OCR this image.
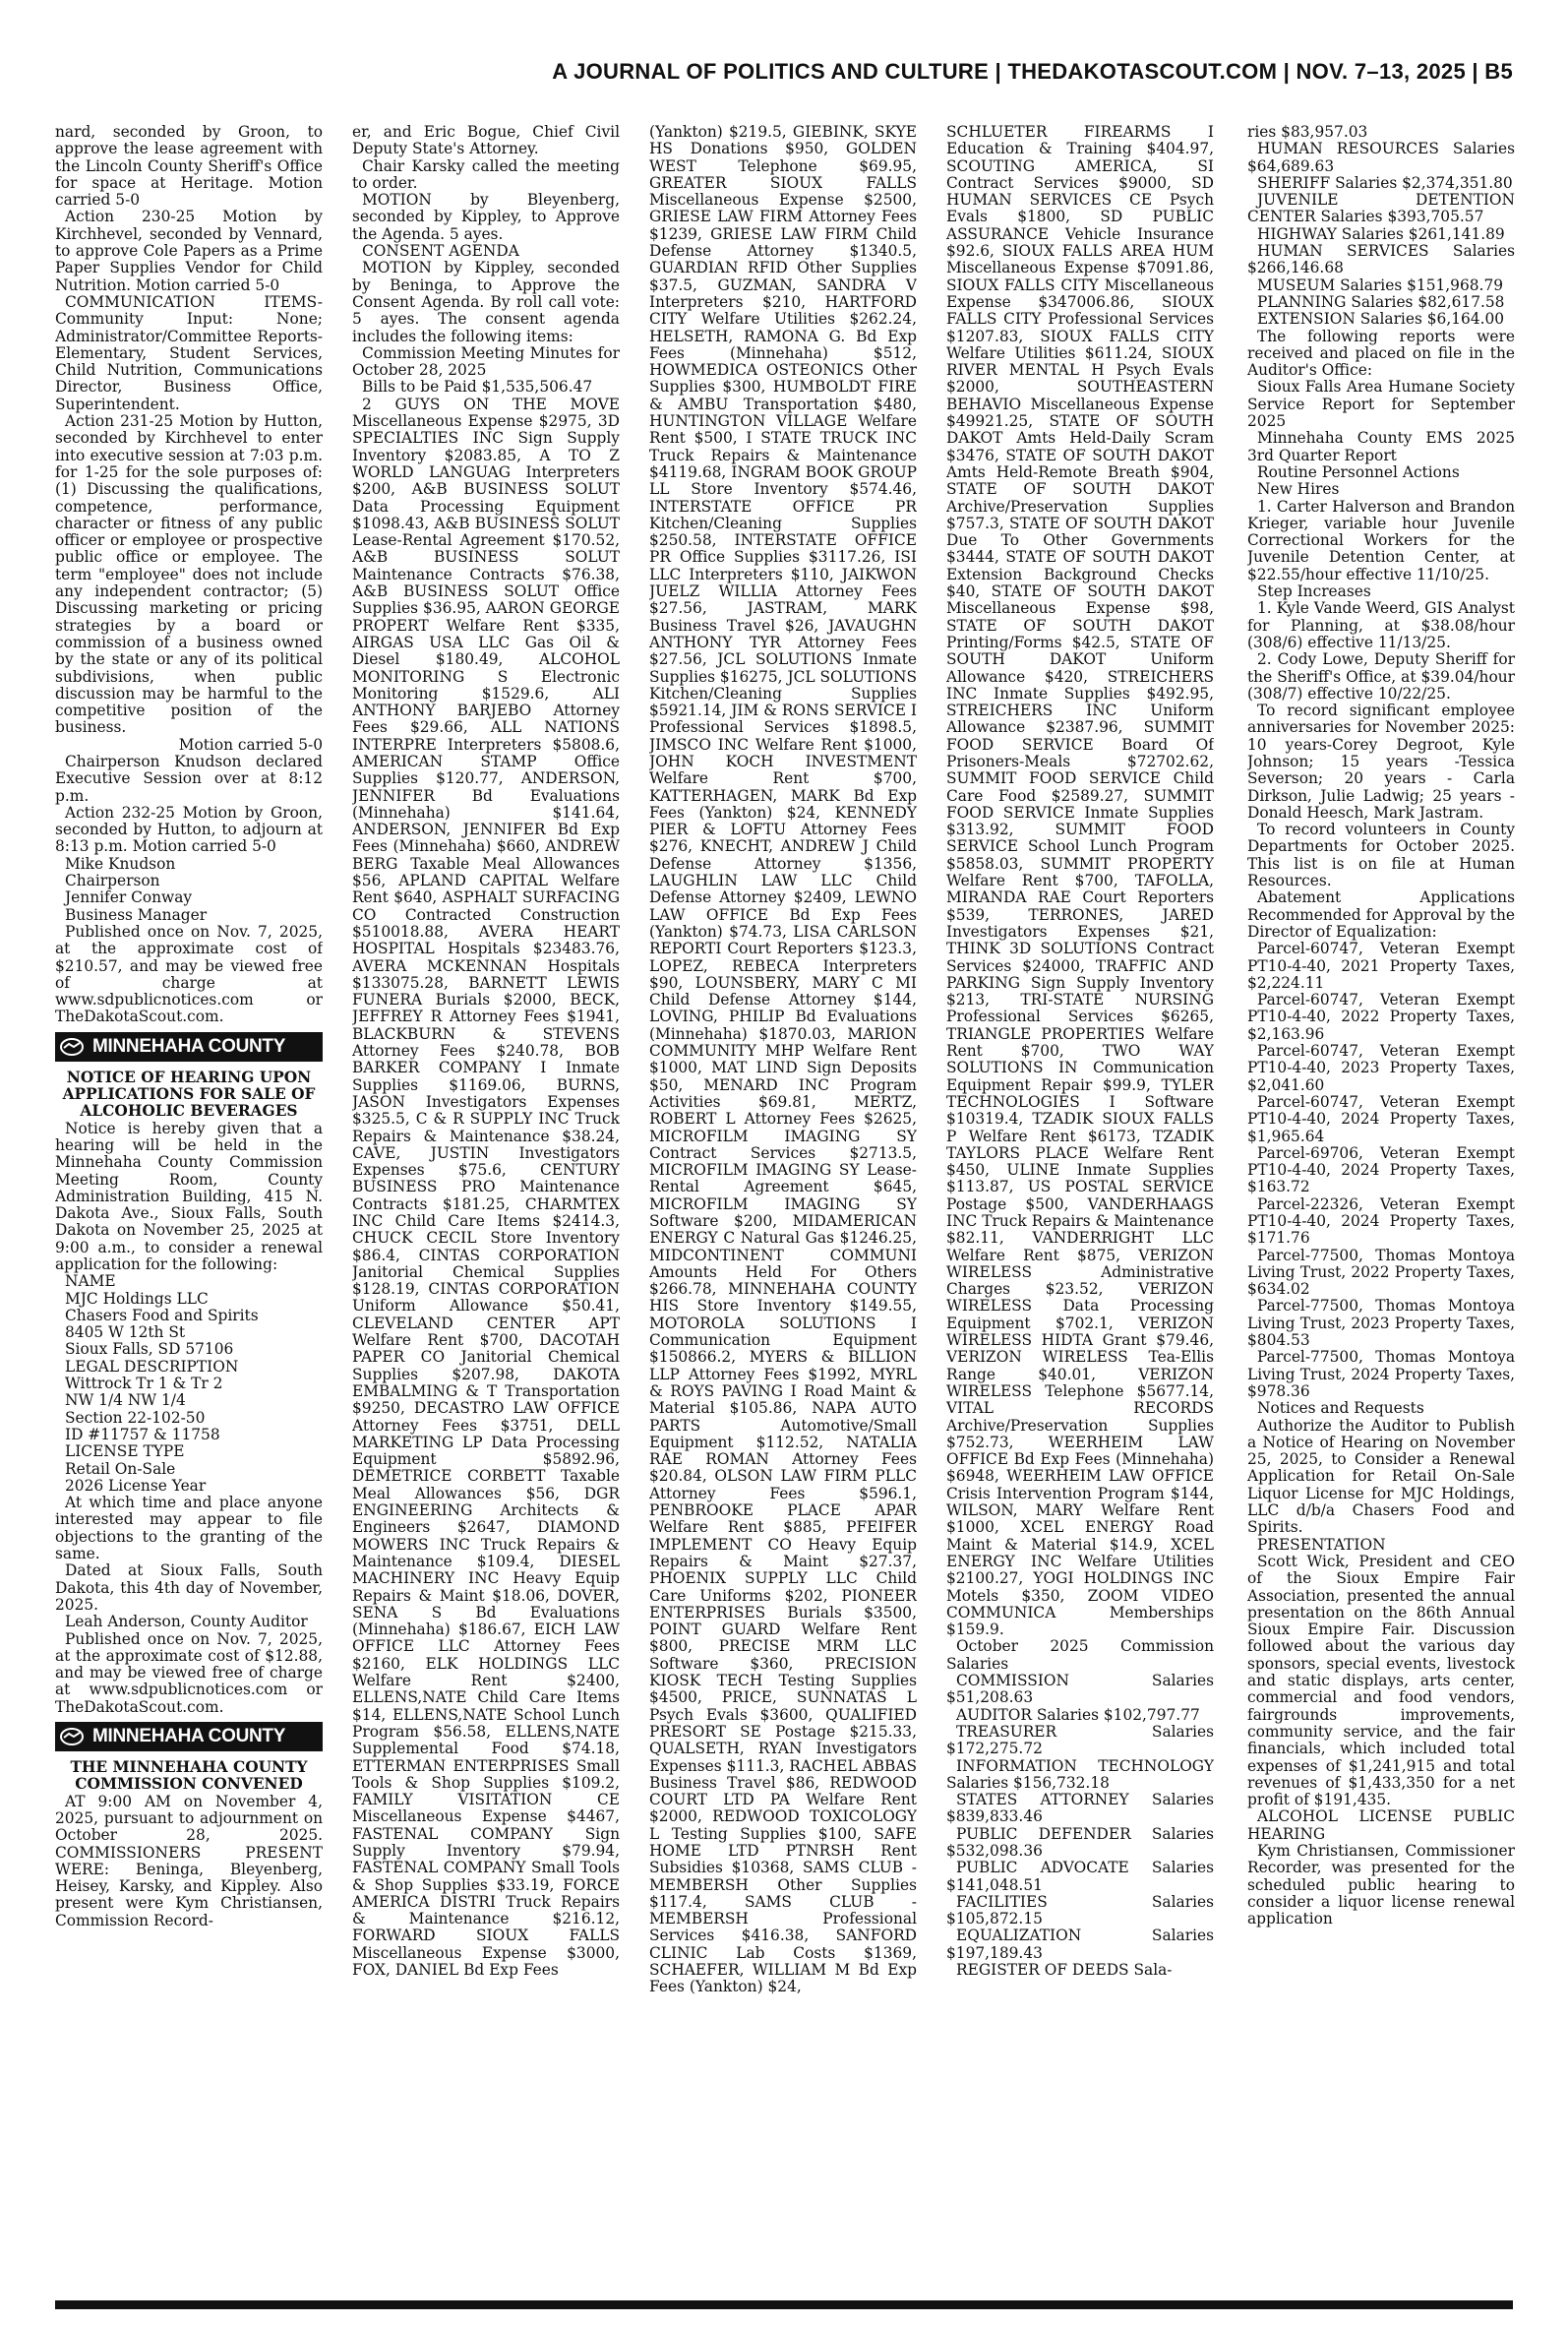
A JOURNAL OF POLITICS AND CULTURE | THEDAKOTASCOUT.COM | NOV. 7–13, 2025 | B5

nard, seconded by Groon, to approve the lease agreement with the Lincoln County Sheriff's Office for space at Heritage. Motion carried 5-0

Action 230-25 Motion by Kirchhevel, seconded by Vennard, to approve Cole Papers as a Prime Paper Supplies Vendor for Child Nutrition. Motion carried 5-0

COMMUNICATION ITEMS- Community Input: None; Administrator/Committee Reports- Elementary, Student Services, Child Nutrition, Communications Director, Business Office, Superintendent.

Action 231-25 Motion by Hutton, seconded by Kirchhevel to enter into executive session at 7:03 p.m. for 1-25 for the sole purposes of: (1) Discussing the qualifications, competence, performance, character or fitness of any public officer or employee or prospective public office or employee. The term "employee" does not include any independent contractor; (5) Discussing marketing or pricing strategies by a board or commission of a business owned by the state or any of its political subdivisions, when public discussion may be harmful to the competitive position of the business.

Motion carried 5-0

Chairperson Knudson declared Executive Session over at 8:12 p.m.

Action 232-25 Motion by Groon, seconded by Hutton, to adjourn at 8:13 p.m. Motion carried 5-0

Mike Knudson

Chairperson

Jennifer Conway

Business Manager

Published once on Nov. 7, 2025, at the approximate cost of $210.57, and may be viewed free of charge at www.sdpublicnotices.com or TheDakotaScout.com.

MINNEHAHA COUNTY

NOTICE OF HEARING UPON APPLICATIONS FOR SALE OF ALCOHOLIC BEVERAGES

Notice is hereby given that a hearing will be held in the Minnehaha County Commission Meeting Room, County Administration Building, 415 N. Dakota Ave., Sioux Falls, South Dakota on November 25, 2025 at 9:00 a.m., to consider a renewal application for the following:

NAME

MJC Holdings LLC

Chasers Food and Spirits

8405 W 12th St

Sioux Falls, SD 57106

LEGAL DESCRIPTION

Wittrock Tr 1 & Tr 2

NW 1/4 NW 1/4

Section 22-102-50

ID #11757 & 11758

LICENSE TYPE

Retail On-Sale

2026 License Year

At which time and place anyone interested may appear to file objections to the granting of the same.

Dated at Sioux Falls, South Dakota, this 4th day of November, 2025.

Leah Anderson, County Auditor

Published once on Nov. 7, 2025, at the approximate cost of $12.88, and may be viewed free of charge at www.sdpublicnotices.com or TheDakotaScout.com.

MINNEHAHA COUNTY

THE MINNEHAHA COUNTY COMMISSION CONVENED

AT 9:00 AM on November 4, 2025, pursuant to adjournment on October 28, 2025. COMMISSIONERS PRESENT WERE: Beninga, Bleyenberg, Heisey, Karsky, and Kippley. Also present were Kym Christiansen, Commission Record-

er, and Eric Bogue, Chief Civil Deputy State's Attorney.

Chair Karsky called the meeting to order.

MOTION by Bleyenberg, seconded by Kippley, to Approve the Agenda. 5 ayes.

CONSENT AGENDA

MOTION by Kippley, seconded by Beninga, to Approve the Consent Agenda. By roll call vote: 5 ayes. The consent agenda includes the following items:

Commission Meeting Minutes for October 28, 2025

Bills to be Paid $1,535,506.47

2 GUYS ON THE MOVE Miscellaneous Expense $2975, 3D SPECIALTIES INC Sign Supply Inventory $2083.85, A TO Z WORLD LANGUAG Interpreters $200, A&B BUSINESS SOLUT Data Processing Equipment $1098.43, A&B BUSINESS SOLUT Lease-Rental Agreement $170.52, A&B BUSINESS SOLUT Maintenance Contracts $76.38, A&B BUSINESS SOLUT Office Supplies $36.95, AARON GEORGE PROPERT Welfare Rent $335, AIRGAS USA LLC Gas Oil & Diesel $180.49, ALCOHOL MONITORING S Electronic Monitoring $1529.6, ALI ANTHONY BARJEBO Attorney Fees $29.66, ALL NATIONS INTERPRE Interpreters $5808.6, AMERICAN STAMP Office Supplies $120.77, ANDERSON, JENNIFER Bd Evaluations (Minnehaha) $141.64, ANDERSON, JENNIFER Bd Exp Fees (Minnehaha) $660, ANDREW BERG Taxable Meal Allowances $56, APLAND CAPITAL Welfare Rent $640, ASPHALT SURFACING CO Contracted Construction $510018.88, AVERA HEART HOSPITAL Hospitals $23483.76, AVERA MCKENNAN Hospitals $133075.28, BARNETT LEWIS FUNERA Burials $2000, BECK, JEFFREY R Attorney Fees $1941, BLACKBURN & STEVENS Attorney Fees $240.78, BOB BARKER COMPANY I Inmate Supplies $1169.06, BURNS, JASON Investigators Expenses $325.5, C & R SUPPLY INC Truck Repairs & Maintenance $38.24, CAVE, JUSTIN Investigators Expenses $75.6, CENTURY BUSINESS PRO Maintenance Contracts $181.25, CHARMTEX INC Child Care Items $2414.3, CHUCK CECIL Store Inventory $86.4, CINTAS CORPORATION Janitorial Chemical Supplies $128.19, CINTAS CORPORATION Uniform Allowance $50.41, CLEVELAND CENTER APT Welfare Rent $700, DACOTAH PAPER CO Janitorial Chemical Supplies $207.98, DAKOTA EMBALMING & T Transportation $9250, DECASTRO LAW OFFICE Attorney Fees $3751, DELL MARKETING LP Data Processing Equipment $5892.96, DEMETRICE CORBETT Taxable Meal Allowances $56, DGR ENGINEERING Architects & Engineers $2647, DIAMOND MOWERS INC Truck Repairs & Maintenance $109.4, DIESEL MACHINERY INC Heavy Equip Repairs & Maint $18.06, DOVER, SENA S Bd Evaluations (Minnehaha) $186.67, EICH LAW OFFICE LLC Attorney Fees $2160, ELK HOLDINGS LLC Welfare Rent $2400, ELLENS,NATE Child Care Items $14, ELLENS,NATE School Lunch Program $56.58, ELLENS,NATE Supplemental Food $74.18, ETTERMAN ENTERPRISES Small Tools & Shop Supplies $109.2, FAMILY VISITATION CE Miscellaneous Expense $4467, FASTENAL COMPANY Sign Supply Inventory $79.94, FASTENAL COMPANY Small Tools & Shop Supplies $33.19, FORCE AMERICA DISTRI Truck Repairs & Maintenance $216.12, FORWARD SIOUX FALLS Miscellaneous Expense $3000, FOX, DANIEL Bd Exp Fees

(Yankton) $219.5, GIEBINK, SKYE HS Donations $950, GOLDEN WEST Telephone $69.95, GREATER SIOUX FALLS Miscellaneous Expense $2500, GRIESE LAW FIRM Attorney Fees $1239, GRIESE LAW FIRM Child Defense Attorney $1340.5, GUARDIAN RFID Other Supplies $37.5, GUZMAN, SANDRA V Interpreters $210, HARTFORD CITY Welfare Utilities $262.24, HELSETH, RAMONA G. Bd Exp Fees (Minnehaha) $512, HOWMEDICA OSTEONICS Other Supplies $300, HUMBOLDT FIRE & AMBU Transportation $480, HUNTINGTON VILLAGE Welfare Rent $500, I STATE TRUCK INC Truck Repairs & Maintenance $4119.68, INGRAM BOOK GROUP LL Store Inventory $574.46, INTERSTATE OFFICE PR Kitchen/Cleaning Supplies $250.58, INTERSTATE OFFICE PR Office Supplies $3117.26, ISI LLC Interpreters $110, JAIKWON JUELZ WILLIA Attorney Fees $27.56, JASTRAM, MARK Business Travel $26, JAVAUGHN ANTHONY TYR Attorney Fees $27.56, JCL SOLUTIONS Inmate Supplies $16275, JCL SOLUTIONS Kitchen/Cleaning Supplies $5921.14, JIM & RONS SERVICE I Professional Services $1898.5, JIMSCO INC Welfare Rent $1000, JOHN KOCH INVESTMENT Welfare Rent $700, KATTERHAGEN, MARK Bd Exp Fees (Yankton) $24, KENNEDY PIER & LOFTU Attorney Fees $276, KNECHT, ANDREW J Child Defense Attorney $1356, LAUGHLIN LAW LLC Child Defense Attorney $2409, LEWNO LAW OFFICE Bd Exp Fees (Yankton) $74.73, LISA CARLSON REPORTI Court Reporters $123.3, LOPEZ, REBECA Interpreters $90, LOUNSBERY, MARY C MI Child Defense Attorney $144, LOVING, PHILIP Bd Evaluations (Minnehaha) $1870.03, MARION COMMUNITY MHP Welfare Rent $1000, MAT LIND Sign Deposits $50, MENARD INC Program Activities $69.81, MERTZ, ROBERT L Attorney Fees $2625, MICROFILM IMAGING SY Contract Services $2713.5, MICROFILM IMAGING SY Lease-Rental Agreement $645, MICROFILM IMAGING SY Software $200, MIDAMERICAN ENERGY C Natural Gas $1246.25, MIDCONTINENT COMMUNI Amounts Held For Others $266.78, MINNEHAHA COUNTY HIS Store Inventory $149.55, MOTOROLA SOLUTIONS I Communication Equipment $150866.2, MYERS & BILLION LLP Attorney Fees $1992, MYRL & ROYS PAVING I Road Maint & Material $105.86, NAPA AUTO PARTS Automotive/Small Equipment $112.52, NATALIA RAE ROMAN Attorney Fees $20.84, OLSON LAW FIRM PLLC Attorney Fees $596.1, PENBROOKE PLACE APAR Welfare Rent $885, PFEIFER IMPLEMENT CO Heavy Equip Repairs & Maint $27.37, PHOENIX SUPPLY LLC Child Care Uniforms $202, PIONEER ENTERPRISES Burials $3500, POINT GUARD Welfare Rent $800, PRECISE MRM LLC Software $360, PRECISION KIOSK TECH Testing Supplies $4500, PRICE, SUNNATAS L Psych Evals $3600, QUALIFIED PRESORT SE Postage $215.33, QUALSETH, RYAN Investigators Expenses $111.3, RACHEL ABBAS Business Travel $86, REDWOOD COURT LTD PA Welfare Rent $2000, REDWOOD TOXICOLOGY L Testing Supplies $100, SAFE HOME LTD PTNRSH Rent Subsidies $10368, SAMS CLUB - MEMBERSH Other Supplies $117.4, SAMS CLUB - MEMBERSH Professional Services $416.38, SANFORD CLINIC Lab Costs $1369, SCHAEFER, WILLIAM M Bd Exp Fees (Yankton) $24,

SCHLUETER FIREARMS I Education & Training $404.97, SCOUTING AMERICA, SI Contract Services $9000, SD HUMAN SERVICES CE Psych Evals $1800, SD PUBLIC ASSURANCE Vehicle Insurance $92.6, SIOUX FALLS AREA HUM Miscellaneous Expense $7091.86, SIOUX FALLS CITY Miscellaneous Expense $347006.86, SIOUX FALLS CITY Professional Services $1207.83, SIOUX FALLS CITY Welfare Utilities $611.24, SIOUX RIVER MENTAL H Psych Evals $2000, SOUTHEASTERN BEHAVIO Miscellaneous Expense $49921.25, STATE OF SOUTH DAKOT Amts Held-Daily Scram $3476, STATE OF SOUTH DAKOT Amts Held-Remote Breath $904, STATE OF SOUTH DAKOT Archive/Preservation Supplies $757.3, STATE OF SOUTH DAKOT Due To Other Governments $3444, STATE OF SOUTH DAKOT Extension Background Checks $40, STATE OF SOUTH DAKOT Miscellaneous Expense $98, STATE OF SOUTH DAKOT Printing/Forms $42.5, STATE OF SOUTH DAKOT Uniform Allowance $420, STREICHERS INC Inmate Supplies $492.95, STREICHERS INC Uniform Allowance $2387.96, SUMMIT FOOD SERVICE Board Of Prisoners-Meals $72702.62, SUMMIT FOOD SERVICE Child Care Food $2589.27, SUMMIT FOOD SERVICE Inmate Supplies $313.92, SUMMIT FOOD SERVICE School Lunch Program $5858.03, SUMMIT PROPERTY Welfare Rent $700, TAFOLLA, MIRANDA RAE Court Reporters $539, TERRONES, JARED Investigators Expenses $21, THINK 3D SOLUTIONS Contract Services $24000, TRAFFIC AND PARKING Sign Supply Inventory $213, TRI-STATE NURSING Professional Services $6265, TRIANGLE PROPERTIES Welfare Rent $700, TWO WAY SOLUTIONS IN Communication Equipment Repair $99.9, TYLER TECHNOLOGIES I Software $10319.4, TZADIK SIOUX FALLS P Welfare Rent $6173, TZADIK TAYLORS PLACE Welfare Rent $450, ULINE Inmate Supplies $113.87, US POSTAL SERVICE Postage $500, VANDERHAAGS INC Truck Repairs & Maintenance $82.11, VANDERRIGHT LLC Welfare Rent $875, VERIZON WIRELESS Administrative Charges $23.52, VERIZON WIRELESS Data Processing Equipment $702.1, VERIZON WIRELESS HIDTA Grant $79.46, VERIZON WIRELESS Tea-Ellis Range $40.01, VERIZON WIRELESS Telephone $5677.14, VITAL RECORDS Archive/Preservation Supplies $752.73, WEERHEIM LAW OFFICE Bd Exp Fees (Minnehaha) $6948, WEERHEIM LAW OFFICE Crisis Intervention Program $144, WILSON, MARY Welfare Rent $1000, XCEL ENERGY Road Maint & Material $14.9, XCEL ENERGY INC Welfare Utilities $2100.27, YOGI HOLDINGS INC Motels $350, ZOOM VIDEO COMMUNICA Memberships $159.9.

October 2025 Commission Salaries

COMMISSION Salaries $51,208.63

AUDITOR Salaries $102,797.77

TREASURER Salaries $172,275.72

INFORMATION TECHNOLOGY Salaries $156,732.18

STATES ATTORNEY Salaries $839,833.46

PUBLIC DEFENDER Salaries $532,098.36

PUBLIC ADVOCATE Salaries $141,048.51

FACILITIES Salaries $105,872.15

EQUALIZATION Salaries $197,189.43

REGISTER OF DEEDS Sala-

ries $83,957.03

HUMAN RESOURCES Salaries $64,689.63

SHERIFF Salaries $2,374,351.80

JUVENILE DETENTION CENTER Salaries $393,705.57

HIGHWAY Salaries $261,141.89

HUMAN SERVICES Salaries $266,146.68

MUSEUM Salaries $151,968.79

PLANNING Salaries $82,617.58

EXTENSION Salaries $6,164.00

The following reports were received and placed on file in the Auditor's Office:

Sioux Falls Area Humane Society Service Report for September 2025

Minnehaha County EMS 2025 3rd Quarter Report

Routine Personnel Actions

New Hires

1. Carter Halverson and Brandon Krieger, variable hour Juvenile Correctional Workers for the Juvenile Detention Center, at $22.55/hour effective 11/10/25.

Step Increases

1. Kyle Vande Weerd, GIS Analyst for Planning, at $38.08/hour (308/6) effective 11/13/25.

2. Cody Lowe, Deputy Sheriff for the Sheriff's Office, at $39.04/hour (308/7) effective 10/22/25.

To record significant employee anniversaries for November 2025: 10 years-Corey Degroot, Kyle Johnson; 15 years -Tessica Severson; 20 years - Carla Dirkson, Julie Ladwig; 25 years - Donald Heesch, Mark Jastram.

To record volunteers in County Departments for October 2025. This list is on file at Human Resources.

Abatement Applications Recommended for Approval by the Director of Equalization:

Parcel-60747, Veteran Exempt PT10-4-40, 2021 Property Taxes, $2,224.11

Parcel-60747, Veteran Exempt PT10-4-40, 2022 Property Taxes, $2,163.96

Parcel-60747, Veteran Exempt PT10-4-40, 2023 Property Taxes, $2,041.60

Parcel-60747, Veteran Exempt PT10-4-40, 2024 Property Taxes, $1,965.64

Parcel-69706, Veteran Exempt PT10-4-40, 2024 Property Taxes, $163.72

Parcel-22326, Veteran Exempt PT10-4-40, 2024 Property Taxes, $171.76

Parcel-77500, Thomas Montoya Living Trust, 2022 Property Taxes, $634.02

Parcel-77500, Thomas Montoya Living Trust, 2023 Property Taxes, $804.53

Parcel-77500, Thomas Montoya Living Trust, 2024 Property Taxes, $978.36

Notices and Requests

Authorize the Auditor to Publish a Notice of Hearing on November 25, 2025, to Consider a Renewal Application for Retail On-Sale Liquor License for MJC Holdings, LLC d/b/a Chasers Food and Spirits.

PRESENTATION

Scott Wick, President and CEO of the Sioux Empire Fair Association, presented the annual presentation on the 86th Annual Sioux Empire Fair. Discussion followed about the various day sponsors, special events, livestock and static displays, arts center, commercial and food vendors, fairgrounds improvements, community service, and the fair financials, which included total expenses of $1,241,915 and total revenues of $1,433,350 for a net profit of $191,435.

ALCOHOL LICENSE PUBLIC HEARING

Kym Christiansen, Commissioner Recorder, was presented for the scheduled public hearing to consider a liquor license renewal application
